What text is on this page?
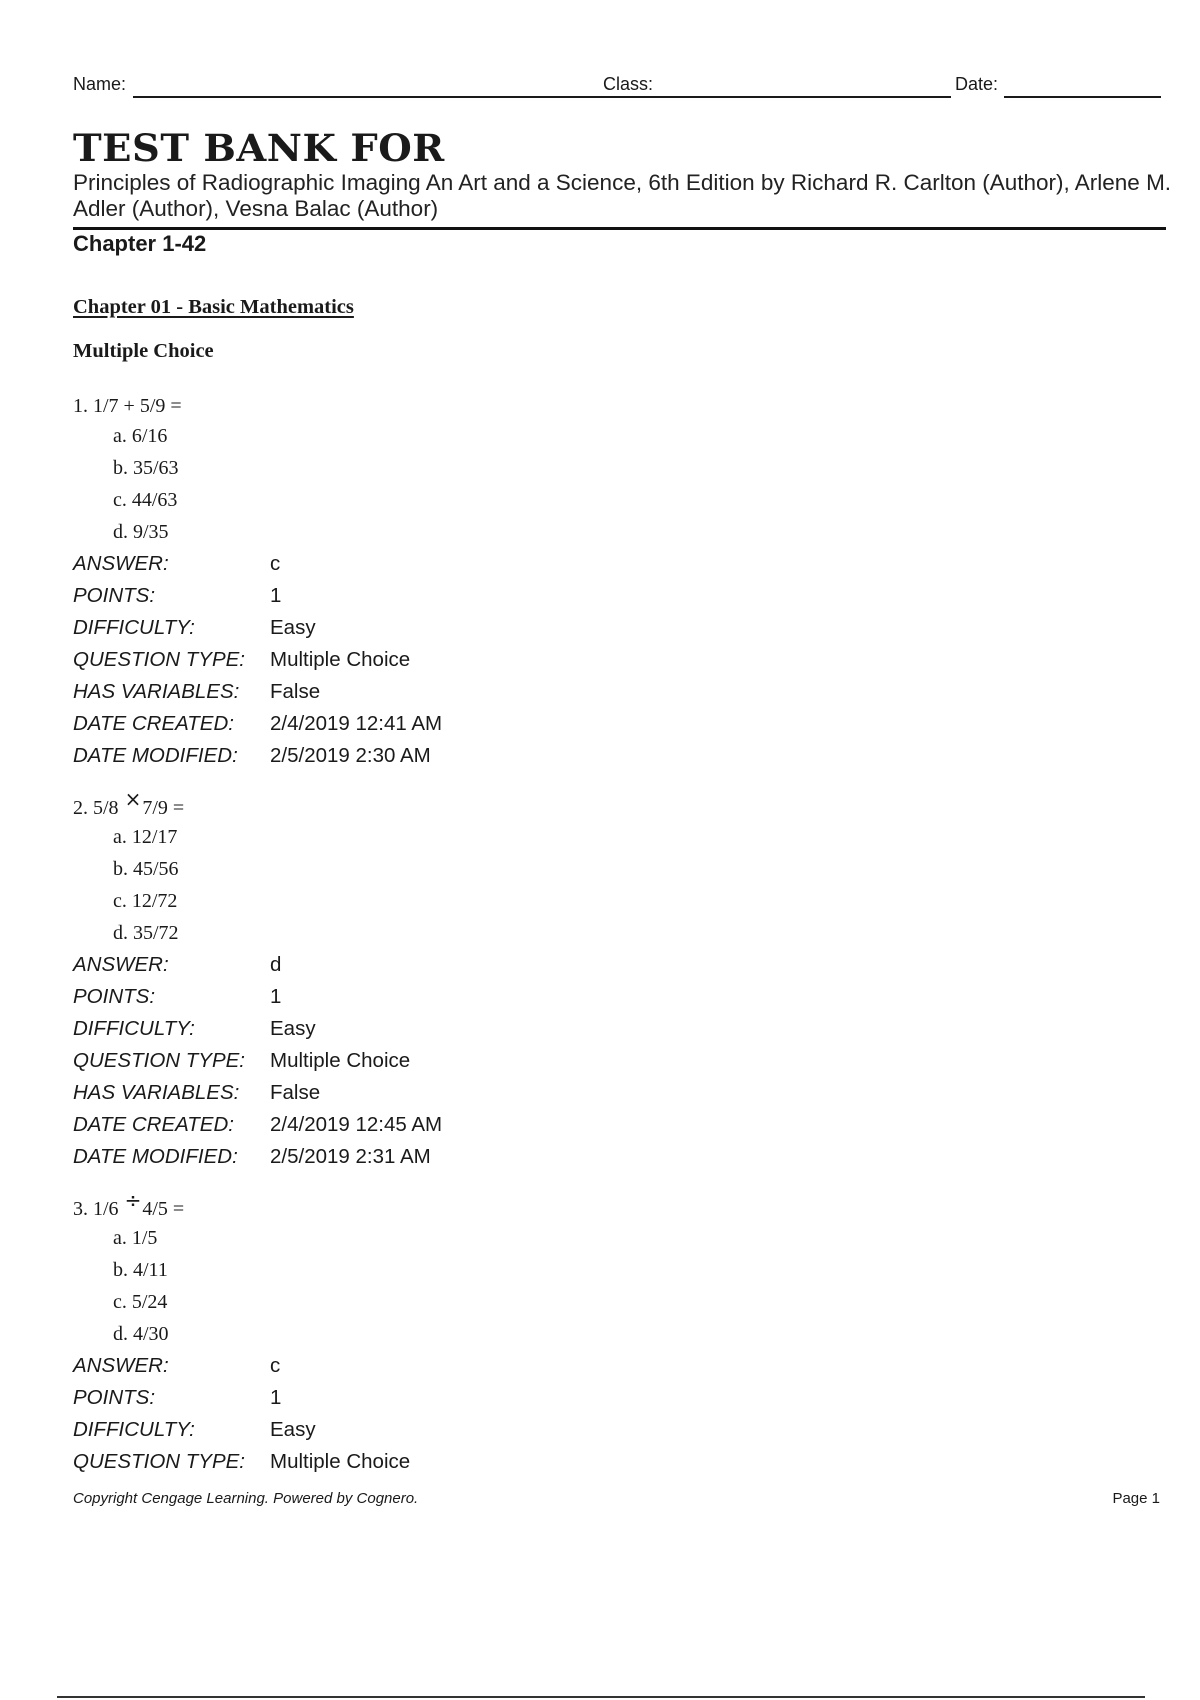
Name:	Class:	Date:
TEST BANK FOR
Principles of Radiographic Imaging An Art and a Science, 6th Edition by Richard R. Carlton (Author), Arlene M. Adler (Author), Vesna Balac (Author)
Chapter 1-42
Chapter 01 - Basic Mathematics
Multiple Choice
1. 1/7 + 5/9 =
a. 6/16
b. 35/63
c. 44/63
d. 9/35
ANSWER:	c
POINTS:	1
DIFFICULTY:	Easy
QUESTION TYPE: Multiple Choice
HAS VARIABLES: False
DATE CREATED: 2/4/2019 12:41 AM
DATE MODIFIED: 2/5/2019 2:30 AM
2. 5/8 ×7/9 =
a. 12/17
b. 45/56
c. 12/72
d. 35/72
ANSWER:	d
POINTS:	1
DIFFICULTY:	Easy
QUESTION TYPE: Multiple Choice
HAS VARIABLES: False
DATE CREATED: 2/4/2019 12:45 AM
DATE MODIFIED: 2/5/2019 2:31 AM
3. 1/6 ÷4/5 =
a. 1/5
b. 4/11
c. 5/24
d. 4/30
ANSWER:	c
POINTS:	1
DIFFICULTY:	Easy
QUESTION TYPE: Multiple Choice
Copyright Cengage Learning. Powered by Cognero.	Page 1
